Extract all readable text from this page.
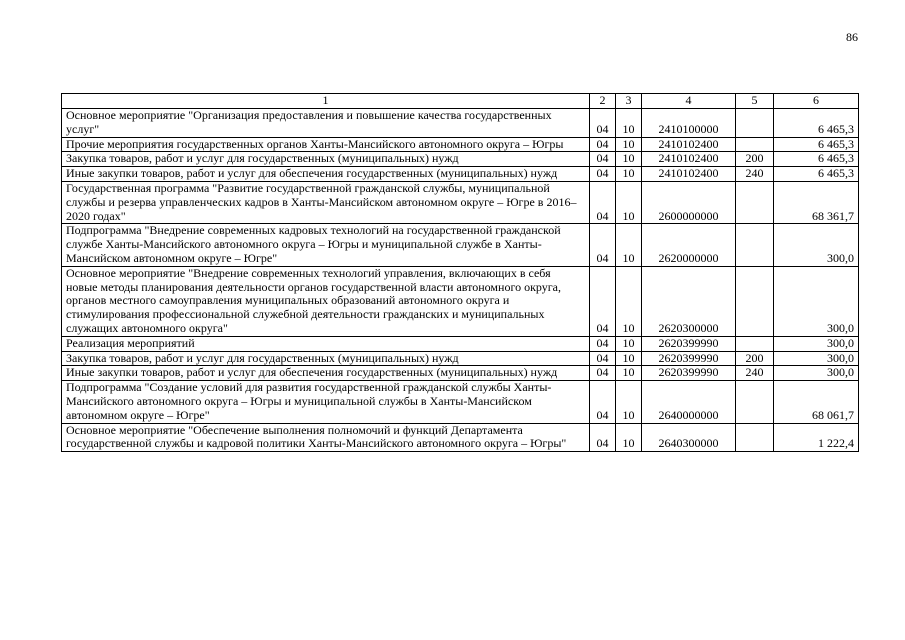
86
1	2	3	4	5	6
Основное мероприятие "Организация предоставления и повышение качества государственных услуг"	04	10	2410100000		6 465,3
Прочие мероприятия государственных органов Ханты-Мансийского автономного округа – Югры	04	10	2410102400		6 465,3
Закупка товаров, работ и услуг для государственных (муниципальных) нужд	04	10	2410102400	200	6 465,3
Иные закупки товаров, работ и услуг для обеспечения государственных (муниципальных) нужд	04	10	2410102400	240	6 465,3
Государственная программа "Развитие государственной гражданской службы, муниципальной службы и резерва управленческих кадров в Ханты-Мансийском автономном округе – Югре в 2016–2020 годах"	04	10	2600000000		68 361,7
Подпрограмма "Внедрение современных кадровых технологий на государственной гражданской службе Ханты-Мансийского автономного округа – Югры и муниципальной службе в Ханты-Мансийском автономном округе – Югре"	04	10	2620000000		300,0
Основное мероприятие "Внедрение современных технологий управления, включающих в себя новые методы планирования деятельности органов государственной власти автономного округа, органов местного самоуправления муниципальных образований автономного округа и стимулирования профессиональной служебной деятельности гражданских и муниципальных служащих автономного округа"	04	10	2620300000		300,0
Реализация мероприятий	04	10	2620399990		300,0
Закупка товаров, работ и услуг для государственных (муниципальных) нужд	04	10	2620399990	200	300,0
Иные закупки товаров, работ и услуг для обеспечения государственных (муниципальных) нужд	04	10	2620399990	240	300,0
Подпрограмма "Создание условий для развития государственной гражданской службы Ханты-Мансийского автономного округа – Югры и муниципальной службы в Ханты-Мансийском автономном округе – Югре"	04	10	2640000000		68 061,7
Основное мероприятие "Обеспечение выполнения полномочий и функций Департамента государственной службы и кадровой политики Ханты-Мансийского автономного округа – Югры"	04	10	2640300000		1 222,4
